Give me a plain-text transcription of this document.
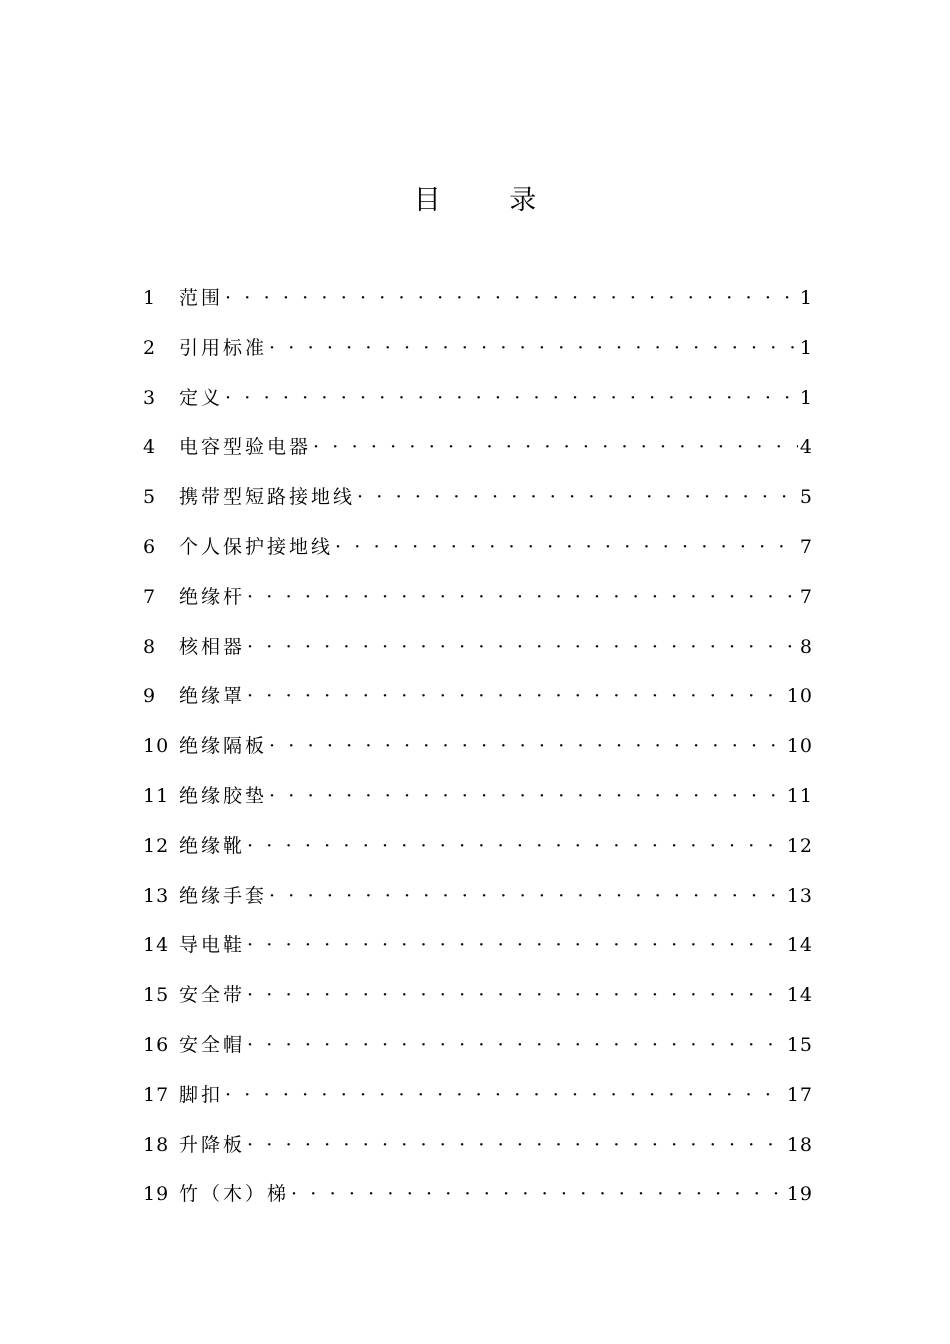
目 录
1	范围 · · ·	1
2	引用标准 · · ·	1
3	定义 · · ·	1
4	电容型验电器 · · ·	4
5	携带型短路接地线 · · ·	5
6	个人保护接地线 · · ·	7
7	绝缘杆 · · ·	7
8	核相器 · · ·	8
9	绝缘罩 · · ·	10
10 绝缘隔板 · · ·	10
11 绝缘胶垫 · · ·	11
12 绝缘靴 · · ·	12
13 绝缘手套 · · ·	13
14 导电鞋 · · ·	14
15 安全带 · · ·	14
16 安全帽 · · ·	15
17 脚扣 · · ·	17
18 升降板 · · ·	18
19 竹（木）梯 · · ·	19
